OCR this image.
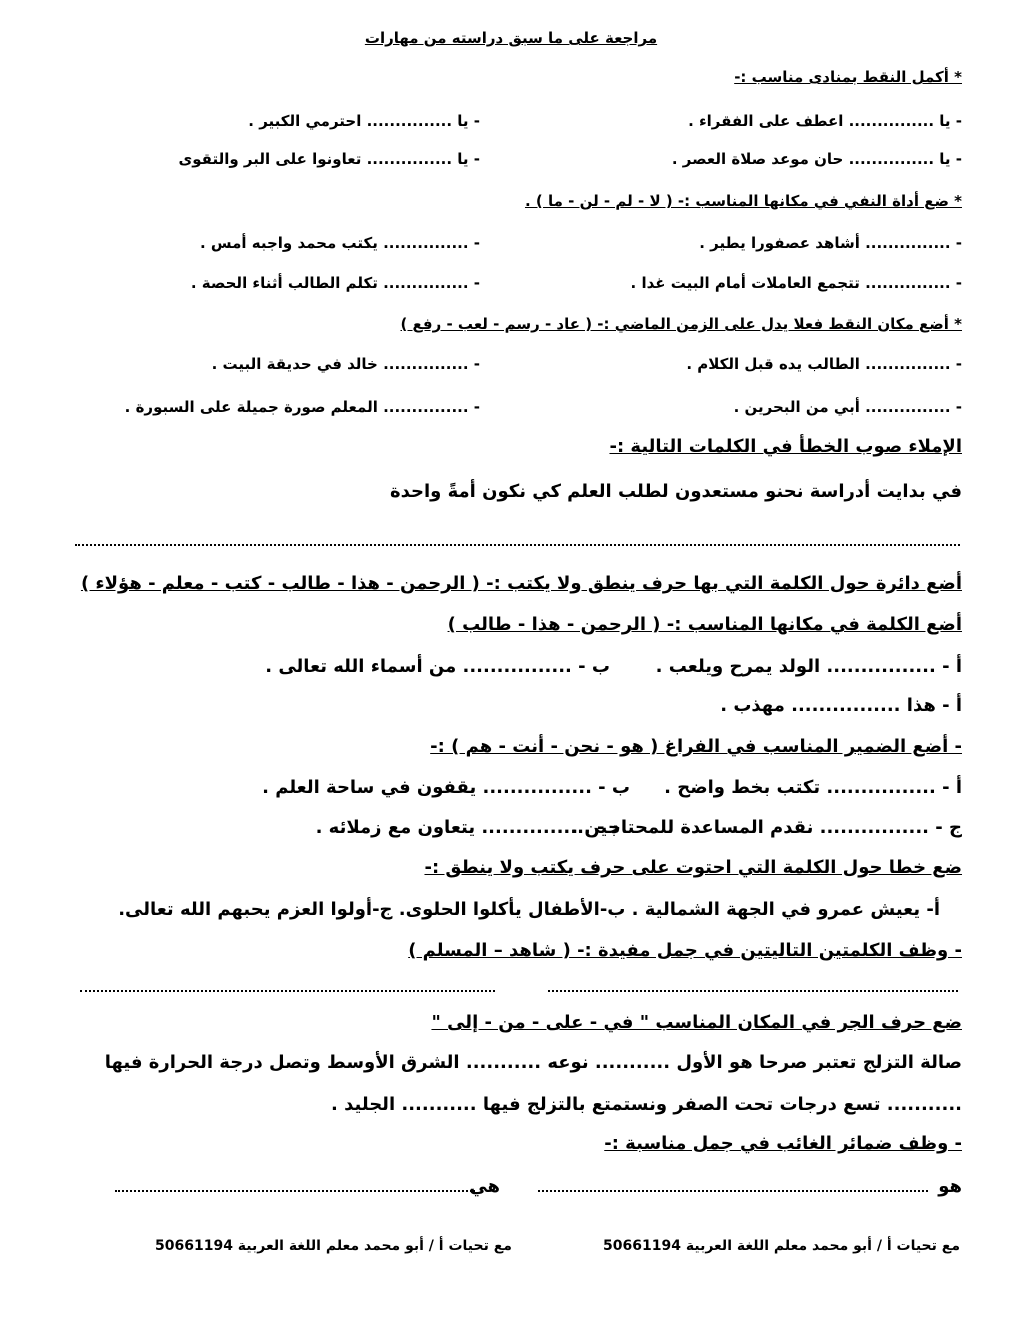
مراجعة على ما سبق دراسته من مهارات
* أكمل النقط بمنادى مناسب :-
- يا ............... اعطف على الفقراء .
- يا ............... احترمي الكبير .
- يا ............... حان موعد صلاة العصر .
- يا ............... تعاونوا على البر والتقوى
* ضع أداة النفي في مكانها المناسب :- ( لا - لم - لن - ما ) .
- ............... أشاهد عصفورا يطير .
- ............... يكتب محمد واجبه أمس .
- ............... تتجمع العاملات أمام البيت غدا .
- ............... تكلم الطالب أثناء الحصة .
* أضع مكان النقط فعلا يدل على الزمن الماضي :- ( عاد - رسم - لعب - رفع )
- ............... الطالب يده قبل الكلام .
- ............... خالد في حديقة البيت .
- ............... أبي من البحرين .
- ............... المعلم صورة جميلة على السبورة .
الإملاء صوب الخطأ في الكلمات التالية :-
في بدايت أدراسة نحنو مستعدون لطلب العلم كي نكون أمةً واحدة
أضع دائرة حول الكلمة التي بها حرف ينطق ولا يكتب :- ( الرحمن - هذا - طالب - كتب - معلم - هؤلاء )
أضع الكلمة في مكانها المناسب :- ( الرحمن - هذا - طالب )
أ - ................ الولد يمرح ويلعب .
ب - ................ من أسماء الله تعالى .
أ - هذا ................ مهذب .
- أضع الضمير المناسب في الفراغ ( هو - نحن - أنت - هم ) :-
أ - ................ تكتب بخط واضح .
ب - ................ يقفون في ساحة العلم .
ج - ................ نقدم المساعدة للمحتاجين .
د - ................ يتعاون مع زملائه .
ضع خطا حول الكلمة التي احتوت على حرف يكتب ولا ينطق :-
أ- يعيش عمرو في الجهة الشمالية . ب-الأطفال يأكلوا الحلوى. ج-أولوا العزم يحبهم الله تعالى.
- وظف الكلمتين التاليتين في جمل مفيدة :- ( شاهد – المسلم )
ضع حرف الجر في المكان المناسب " في - على - من - إلى "
صالة التزلج تعتبر صرحا هو الأول ........... نوعه ........... الشرق الأوسط وتصل درجة الحرارة فيها
........... تسع درجات تحت الصفر ونستمتع بالتزلج فيها ........... الجليد .
- وظف ضمائر الغائب في جمل مناسبة :-
هو
هي
مع تحيات أ / أبو محمد معلم اللغة العربية 50661194
مع تحيات أ / أبو محمد معلم اللغة العربية 50661194
